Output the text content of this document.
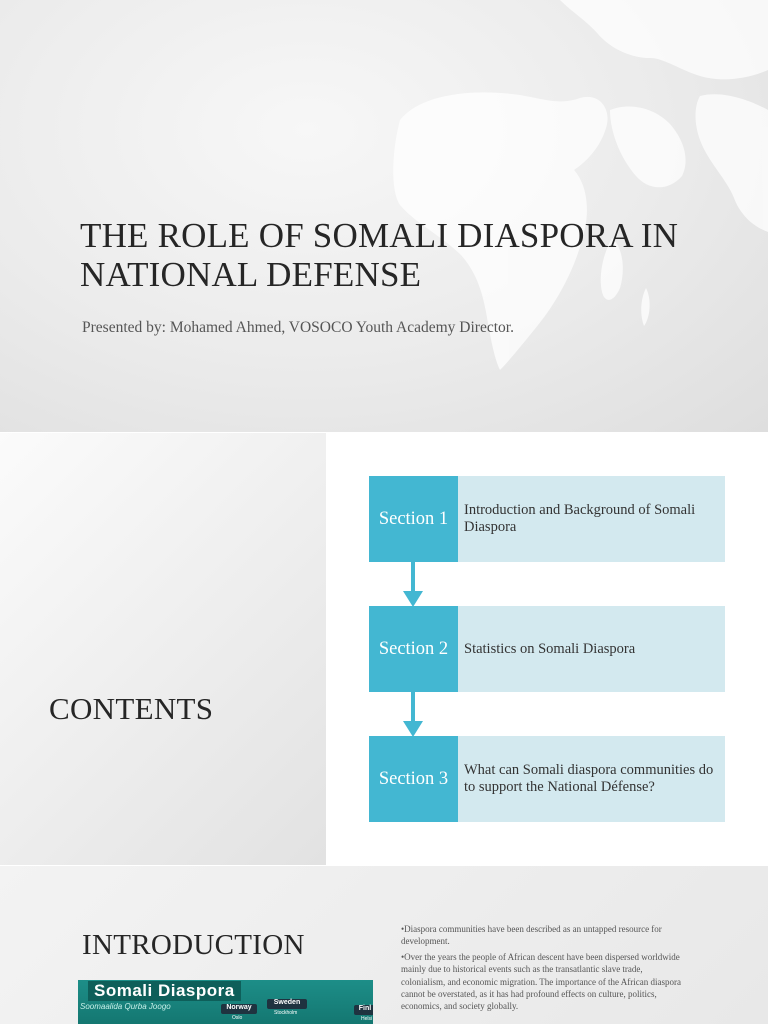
THE ROLE OF SOMALI DIASPORA IN NATIONAL DEFENSE
Presented by: Mohamed Ahmed, VOSOCO Youth Academy Director.
CONTENTS
Section 1	Introduction and Background of Somali Diaspora
Section 2	Statistics on Somali Diaspora
Section 3	What can Somali diaspora communities do to support the National Défense?
INTRODUCTION
Somali Diaspora
Soomaalida Qurba Joogo	Norway
Oslo
Sweden
Stockholm
Finl
Helsi

•Diaspora communities have been described as an untapped resource for development.

•Over the years the people of African descent have been dispersed worldwide mainly due to historical events such as the transatlantic slave trade, colonialism, and economic migration. The importance of the African diaspora cannot be overstated, as it has had profound effects on culture, politics, economics, and society globally.
